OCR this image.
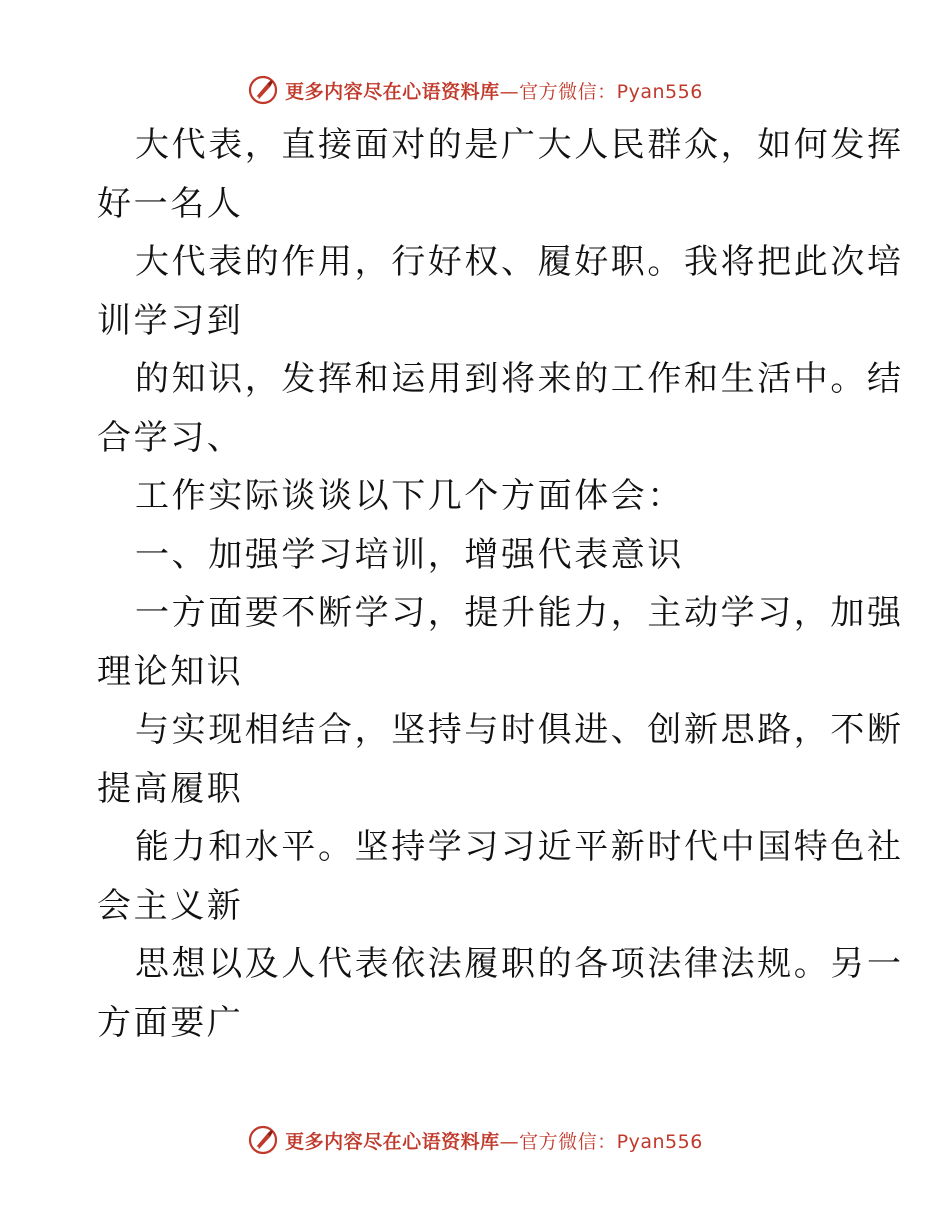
更多内容尽在心语资料库—官方微信：Pyan556
大代表，直接面对的是广大人民群众，如何发挥
好一名人
大代表的作用，行好权、履好职。我将把此次培
训学习到
的知识，发挥和运用到将来的工作和生活中。结
合学习、
工作实际谈谈以下几个方面体会：
一、加强学习培训，增强代表意识
一方面要不断学习，提升能力，主动学习，加强
理论知识
与实现相结合，坚持与时俱进、创新思路，不断
提高履职
能力和水平。坚持学习习近平新时代中国特色社
会主义新
思想以及人代表依法履职的各项法律法规。另一
方面要广
更多内容尽在心语资料库—官方微信：Pyan556
